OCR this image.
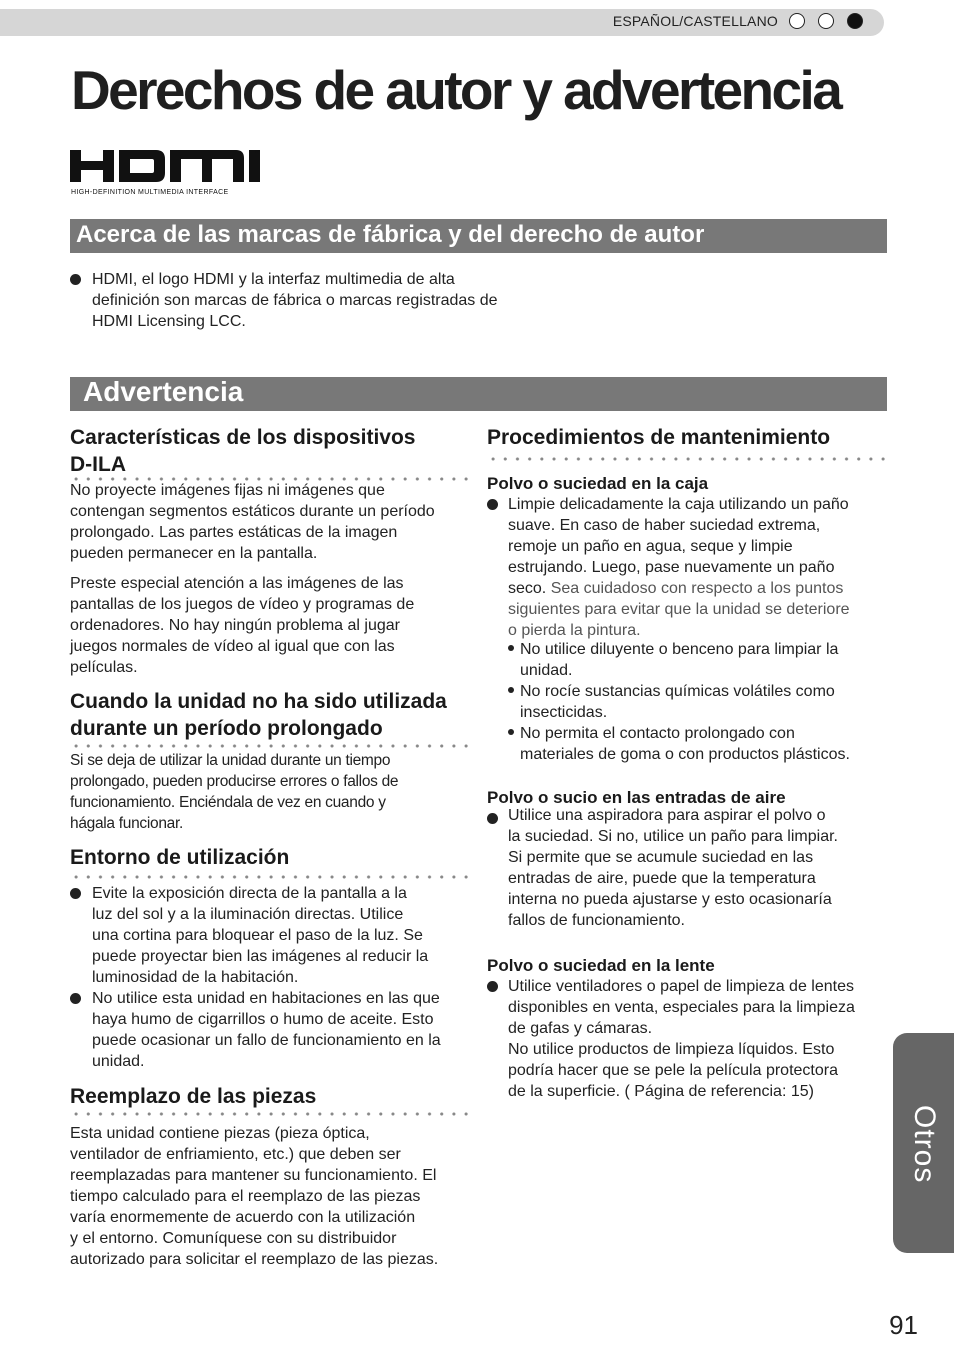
ESPAÑOL/CASTELLANO
Derechos de autor y advertencia
™
HIGH-DEFINITION MULTIMEDIA INTERFACE
Acerca de las marcas de fábrica y del derecho de autor
HDMI, el logo HDMI y la interfaz multimedia de alta
definición son marcas de fábrica o marcas registradas de
HDMI Licensing LCC.
Advertencia
Características de los dispositivos
D-ILA
No proyecte imágenes fijas ni imágenes que
contengan segmentos estáticos durante un período
prolongado. Las partes estáticas de la imagen
pueden permanecer en la pantalla.
Preste especial atención a las imágenes de las
pantallas de los juegos de vídeo y programas de
ordenadores. No hay ningún problema al jugar
juegos normales de vídeo al igual que con las
películas.
Cuando la unidad no ha sido utilizada
durante un período prolongado
Si se deja de utilizar la unidad durante un tiempo
prolongado, pueden producirse errores o fallos de
funcionamiento. Enciéndala de vez en cuando y
hágala funcionar.
Entorno de utilización
Evite la exposición directa de la pantalla a la
luz del sol y a la iluminación directas. Utilice
una cortina para bloquear el paso de la luz. Se
puede proyectar bien las imágenes al reducir la
luminosidad de la habitación.
No utilice esta unidad en habitaciones en las que
haya humo de cigarrillos o humo de aceite. Esto
puede ocasionar un fallo de funcionamiento en la
unidad.
Reemplazo de las piezas
Esta unidad contiene piezas (pieza óptica,
ventilador de enfriamiento, etc.) que deben ser
reemplazadas para mantener su funcionamiento. El
tiempo calculado para el reemplazo de las piezas
varía enormemente de acuerdo con la utilización
y el entorno. Comuníquese con su distribuidor
autorizado para solicitar el reemplazo de las piezas.
Procedimientos de mantenimiento
Polvo o suciedad en la caja
Limpie delicadamente la caja utilizando un paño
suave. En caso de haber suciedad extrema,
remoje un paño en agua, seque y limpie
estrujando. Luego, pase nuevamente un paño
seco. Sea cuidadoso con respecto a los puntos
siguientes para evitar que la unidad se deteriore
o pierda la pintura.
No utilice diluyente o benceno para limpiar la
unidad.
No rocíe sustancias químicas volátiles como
insecticidas.
No permita el contacto prolongado con
materiales de goma o con productos plásticos.
Polvo o sucio en las entradas de aire
Utilice una aspiradora para aspirar el polvo o
la suciedad. Si no, utilice un paño para limpiar.
Si permite que se acumule suciedad en las
entradas de aire, puede que la temperatura
interna no pueda ajustarse y esto ocasionaría
fallos de funcionamiento.
Polvo o suciedad en la lente
Utilice ventiladores o papel de limpieza de lentes
disponibles en venta, especiales para la limpieza
de gafas y cámaras.
No utilice productos de limpieza líquidos. Esto
podría hacer que se pele la película protectora
de la superficie. ( Página de referencia: 15)
Otros
91
